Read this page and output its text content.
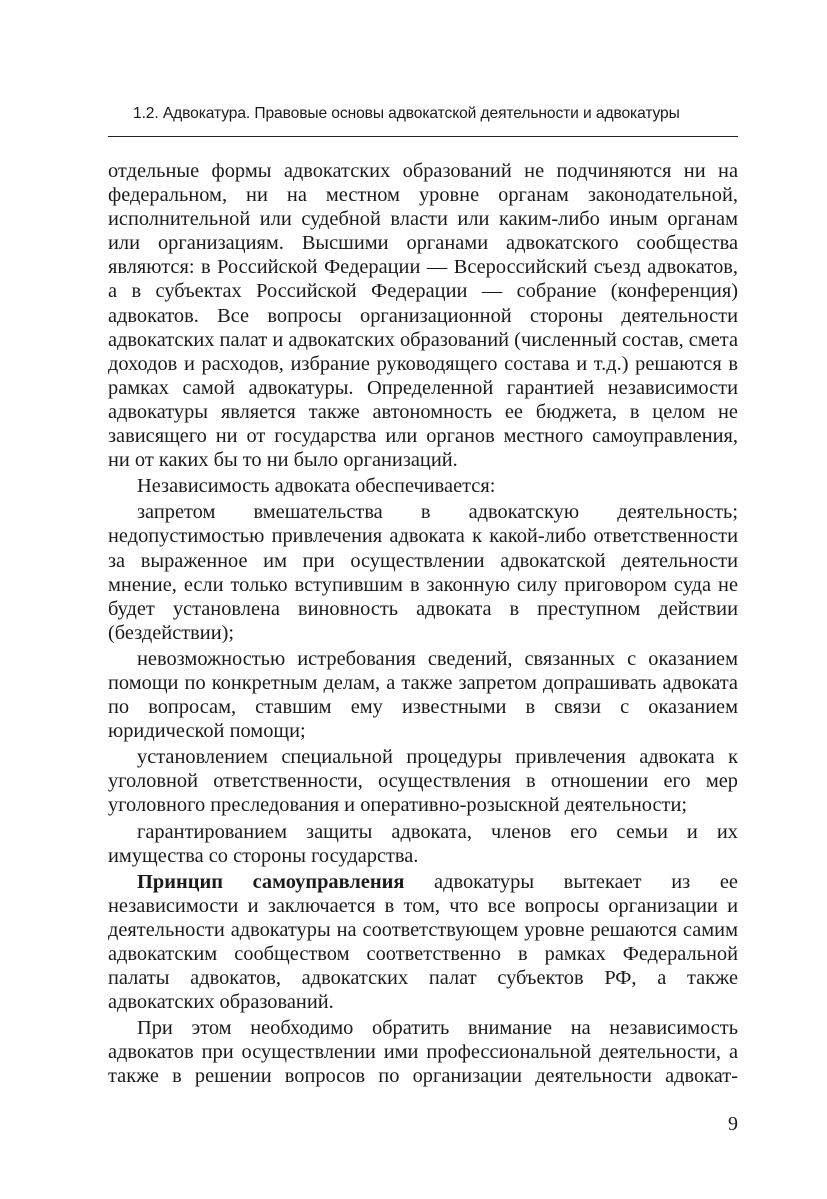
1.2. Адвокатура. Правовые основы адвокатской деятельности и адвокатуры

отдельные формы адвокатских образований не подчиняются ни на федеральном, ни на местном уровне органам законодательной, исполнительной или судебной власти или каким-либо иным органам или организациям. Высшими органами адвокатского сообщества являются: в Российской Федерации — Всероссийский съезд адвокатов, а в субъектах Российской Федерации — собрание (конференция) адвокатов. Все вопросы организационной стороны деятельности адвокатских палат и адвокатских образований (численный состав, смета доходов и расходов, избрание руководящего состава и т.д.) решаются в рамках самой адвокатуры. Определенной гарантией независимости адвокатуры является также автономность ее бюджета, в целом не зависящего ни от государства или органов местного самоуправления, ни от каких бы то ни было организаций.

Независимость адвоката обеспечивается:

запретом вмешательства в адвокатскую деятельность; недопустимостью привлечения адвоката к какой-либо ответственности за выраженное им при осуществлении адвокатской деятельности мнение, если только вступившим в законную силу приговором суда не будет установлена виновность адвоката в преступном действии (бездействии);

невозможностью истребования сведений, связанных с оказанием помощи по конкретным делам, а также запретом допрашивать адвоката по вопросам, ставшим ему известными в связи с оказанием юридической помощи;

установлением специальной процедуры привлечения адвоката к уголовной ответственности, осуществления в отношении его мер уголовного преследования и оперативно-розыскной деятельности;

гарантированием защиты адвоката, членов его семьи и их имущества со стороны государства.

Принцип самоуправления адвокатуры вытекает из ее независимости и заключается в том, что все вопросы организации и деятельности адвокатуры на соответствующем уровне решаются самим адвокатским сообществом соответственно в рамках Федеральной палаты адвокатов, адвокатских палат субъектов РФ, а также адвокатских образований.

При этом необходимо обратить внимание на независимость адвокатов при осуществлении ими профессиональной деятельности, а также в решении вопросов по организации деятельности адвокат-

9
